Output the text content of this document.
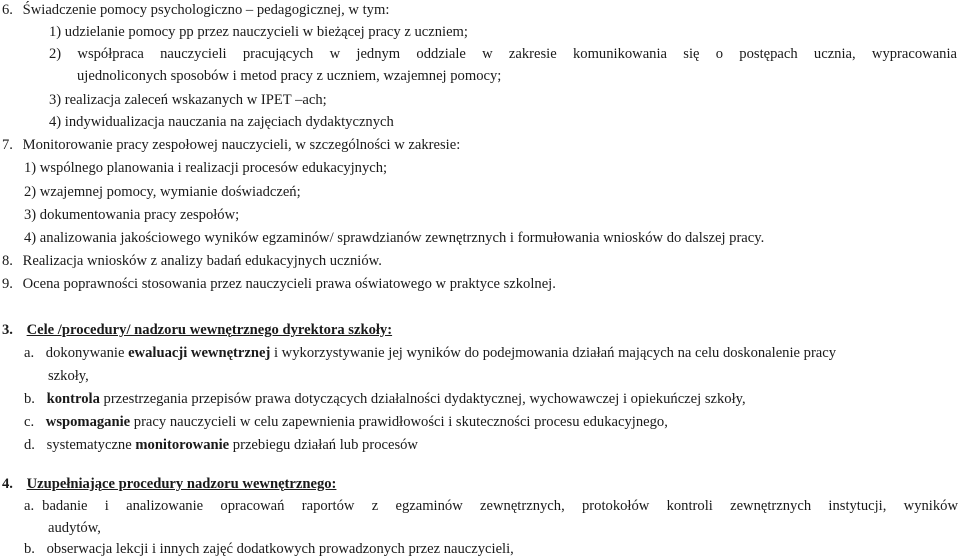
6. Świadczenie pomocy psychologiczno – pedagogicznej, w tym:
1) udzielanie pomocy pp przez nauczycieli w bieżącej pracy z uczniem;
2) współpraca nauczycieli pracujących w jednym oddziale w zakresie komunikowania się o postępach ucznia, wypracowania
ujednoliconych sposobów i metod pracy z uczniem, wzajemnej pomocy;
3) realizacja zaleceń wskazanych w IPET –ach;
4) indywidualizacja nauczania na zajęciach dydaktycznych
7. Monitorowanie pracy zespołowej nauczycieli, w szczególności w zakresie:
1) wspólnego planowania i realizacji procesów edukacyjnych;
2) wzajemnej pomocy, wymianie doświadczeń;
3) dokumentowania pracy zespołów;
4) analizowania jakościowego wyników egzaminów/ sprawdzianów zewnętrznych i formułowania wniosków do dalszej pracy.
8. Realizacja wniosków z analizy badań edukacyjnych uczniów.
9. Ocena poprawności stosowania przez nauczycieli prawa oświatowego w praktyce szkolnej.
3. Cele /procedury/ nadzoru wewnętrznego dyrektora szkoły:
a. dokonywanie ewaluacji wewnętrznej i wykorzystywanie jej wyników do podejmowania działań mających na celu doskonalenie pracy
szkoły,
b. kontrola przestrzegania przepisów prawa dotyczących działalności dydaktycznej, wychowawczej i opiekuńczej szkoły,
c. wspomaganie pracy nauczycieli w celu zapewnienia prawidłowości i skuteczności procesu edukacyjnego,
d. systematyczne monitorowanie przebiegu działań lub procesów
4. Uzupełniające procedury nadzoru wewnętrznego:
a. badanie i analizowanie opracowań raportów z egzaminów zewnętrznych, protokołów kontroli zewnętrznych instytucji, wyników
audytów,
b. obserwacja lekcji i innych zajęć dodatkowych prowadzonych przez nauczycieli,
